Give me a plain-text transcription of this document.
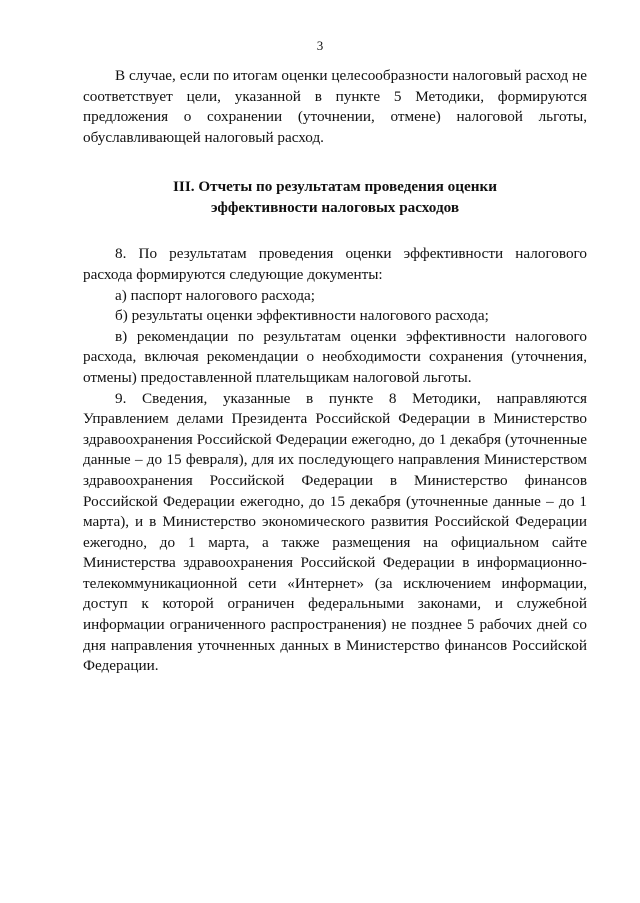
3

В случае, если по итогам оценки целесообразности налоговый расход не соответствует цели, указанной в пункте 5 Методики, формируются предложения о сохранении (уточнении, отмене) налоговой льготы, обуславливающей налоговый расход.

III. Отчеты по результатам проведения оценки
эффективности налоговых расходов

8. По результатам проведения оценки эффективности налогового расхода формируются следующие документы:

а) паспорт налогового расхода;

б) результаты оценки эффективности налогового расхода;

в) рекомендации по результатам оценки эффективности налогового расхода, включая рекомендации о необходимости сохранения (уточнения, отмены) предоставленной плательщикам налоговой льготы.

9. Сведения, указанные в пункте 8 Методики, направляются Управлением делами Президента Российской Федерации в Министерство здравоохранения Российской Федерации ежегодно, до 1 декабря (уточненные данные – до 15 февраля), для их последующего направления Министерством здравоохранения Российской Федерации в Министерство финансов Российской Федерации ежегодно, до 15 декабря (уточненные данные – до 1 марта), и в Министерство экономического развития Российской Федерации ежегодно, до 1 марта, а также размещения на официальном сайте Министерства здравоохранения Российской Федерации в информационно-телекоммуникационной сети «Интернет» (за исключением информации, доступ к которой ограничен федеральными законами, и служебной информации ограниченного распространения) не позднее 5 рабочих дней со дня направления уточненных данных в Министерство финансов Российской Федерации.
